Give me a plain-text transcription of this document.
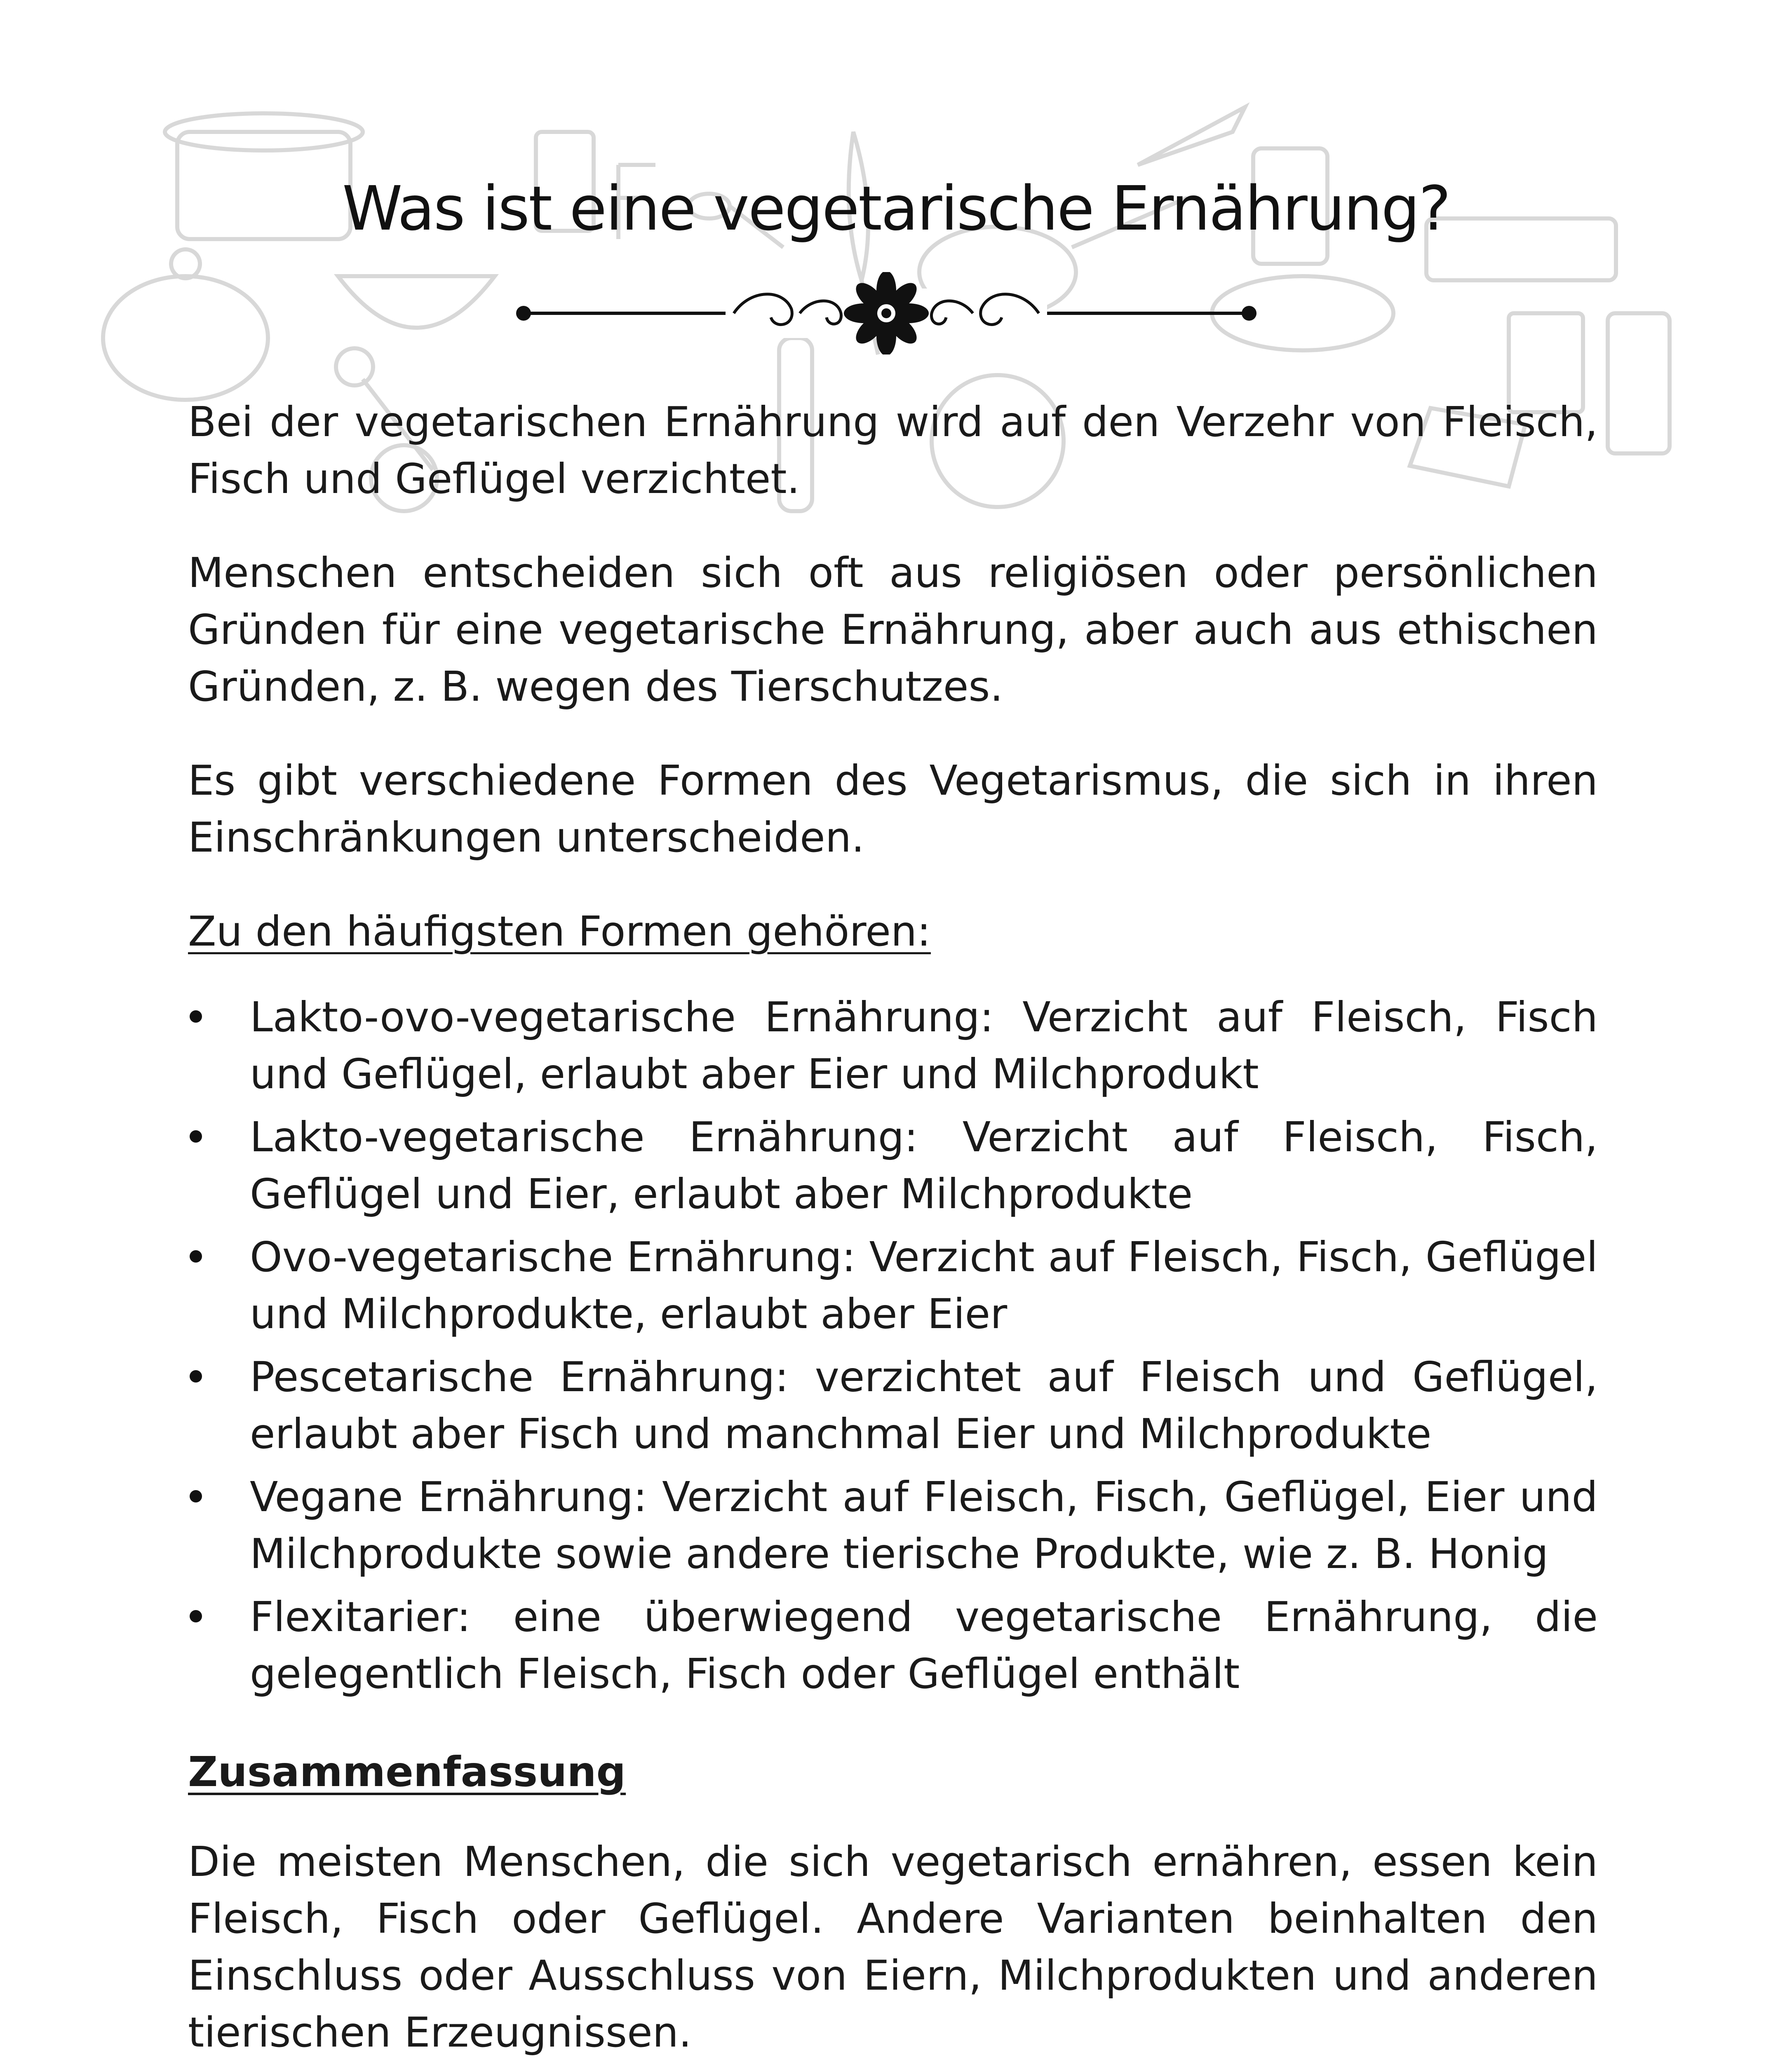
Was ist eine vegetarische Ernährung?

Bei der vegetarischen Ernährung wird auf den Verzehr von Fleisch, Fisch und Geflügel verzichtet.

Menschen entscheiden sich oft aus religiösen oder persönlichen Gründen für eine vegetarische Ernährung, aber auch aus ethischen Gründen, z. B. wegen des Tierschutzes.

Es gibt verschiedene Formen des Vegetarismus, die sich in ihren Einschränkungen unterscheiden.

Zu den häufigsten Formen gehören:

Lakto-ovo-vegetarische Ernährung: Verzicht auf Fleisch, Fisch und Geflügel, erlaubt aber Eier und Milchprodukt
Lakto-vegetarische Ernährung: Verzicht auf Fleisch, Fisch, Geflügel und Eier, erlaubt aber Milchprodukte
Ovo-vegetarische Ernährung: Verzicht auf Fleisch, Fisch, Geflügel und Milchprodukte, erlaubt aber Eier
Pescetarische Ernährung: verzichtet auf Fleisch und Geflügel, erlaubt aber Fisch und manchmal Eier und Milchprodukte
Vegane Ernährung: Verzicht auf Fleisch, Fisch, Geflügel, Eier und Milchprodukte sowie andere tierische Produkte, wie z. B. Honig
Flexitarier: eine überwiegend vegetarische Ernährung, die gelegentlich Fleisch, Fisch oder Geflügel enthält

Zusammenfassung

Die meisten Menschen, die sich vegetarisch ernähren, essen kein Fleisch, Fisch oder Geflügel. Andere Varianten beinhalten den Einschluss oder Ausschluss von Eiern, Milchprodukten und anderen tierischen Erzeugnissen.
